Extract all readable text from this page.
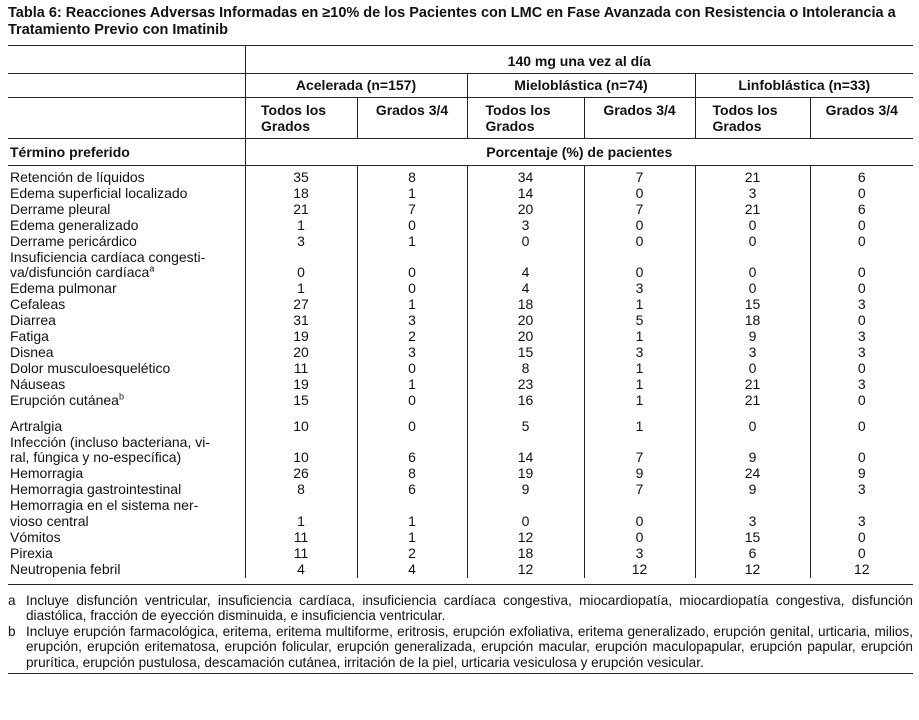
Tabla 6: Reacciones Adversas Informadas en ≥10% de los Pacientes con LMC en Fase Avanzada con Resistencia o Intolerancia a Tratamiento Previo con Imatinib

	140 mg una vez al día					
	Acelerada (n=157)		Mieloblástica (n=74)		Linfoblástica (n=33)	

	Todos los Grados	Grados 3/4	Todos los Grados	Grados 3/4	Todos los Grados	Grados 3/4
Término preferido	Porcentaje (%) de pacientes					

Retención de líquidos	35	8	34	7	21	6
Edema superficial localizado	18	1	14	0	3	0
Derrame pleural	21	7	20	7	21	6
Edema generalizado	1	0	3	0	0	0
Derrame pericárdico	3	1	0	0	0	0
Insuficiencia cardíaca congesti-						
va/disfunción cardíaca$^a$	0	0	4	0	0	0
Edema pulmonar	1	0	4	3	0	0
Cefaleas	27	1	18	1	15	3
Diarrea	31	3	20	5	18	0
Fatiga	19	2	20	1	9	3
Disnea	20	3	15	3	3	3
Dolor musculoesquelético	11	0	8	1	0	0
Náuseas	19	1	23	1	21	3
Erupción cutánea$^b$	15	0	16	1	21	0

Artralgia	10	0	5	1	0	0
Infección (incluso bacteriana, vi-						
ral, fúngica y no-específica)	10	6	14	7	9	0
Hemorragia	26	8	19	9	24	9
Hemorragia gastrointestinal	8	6	9	7	9	3
Hemorragia en el sistema ner-						
vioso central	1	1	0	0	3	3
Vómitos	11	1	12	0	15	0
Pirexia	11	2	18	3	6	0
Neutropenia febril	4	4	12	12	12	12
a Incluye disfunción ventricular, insuficiencia cardíaca, insuficiencia cardíaca congestiva, miocardiopatía, miocardiopatía congestiva, disfunción diastólica, fracción de eyección disminuida, e insuficiencia ventricular.
b Incluye erupción farmacológica, eritema, eritema multiforme, eritrosis, erupción exfoliativa, eritema generalizado, erupción genital, urticaria, milios, erupción, erupción eritematosa, erupción folicular, erupción generalizada, erupción macular, erupción maculopapular, erupción papular, erupción prurítica, erupción pustulosa, descamación cutánea, irritación de la piel, urticaria vesiculosa y erupción vesicular.
